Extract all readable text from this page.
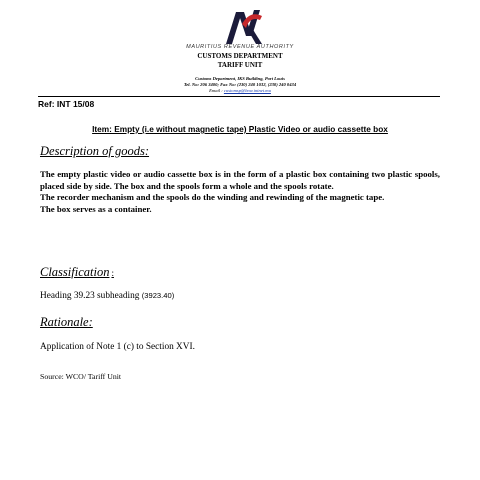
MAURITIUS REVENUE AUTHORITY
CUSTOMS DEPARTMENT
TARIFF UNIT
Customs Department, IKS Building, Port Louis
Tel. No: 206 3400; Fax No: (230) 240 1032, (230) 240 0434
Email : customsp@bow.intnet.mu
Ref: INT 15/08
Item: Empty (i.e without magnetic tape) Plastic Video or audio cassette box
Description of goods:

The empty plastic video or audio cassette box is in the form of a plastic box containing two plastic spools, placed side by side. The box and the spools form a whole and the spools rotate.

The recorder mechanism and the spools do the winding and rewinding of the magnetic tape.

The box serves as a container.

Classification :
Heading 39.23 subheading (3923.40)
Rationale:
Application of Note 1 (c) to Section XVI.
Source: WCO/ Tariff Unit
